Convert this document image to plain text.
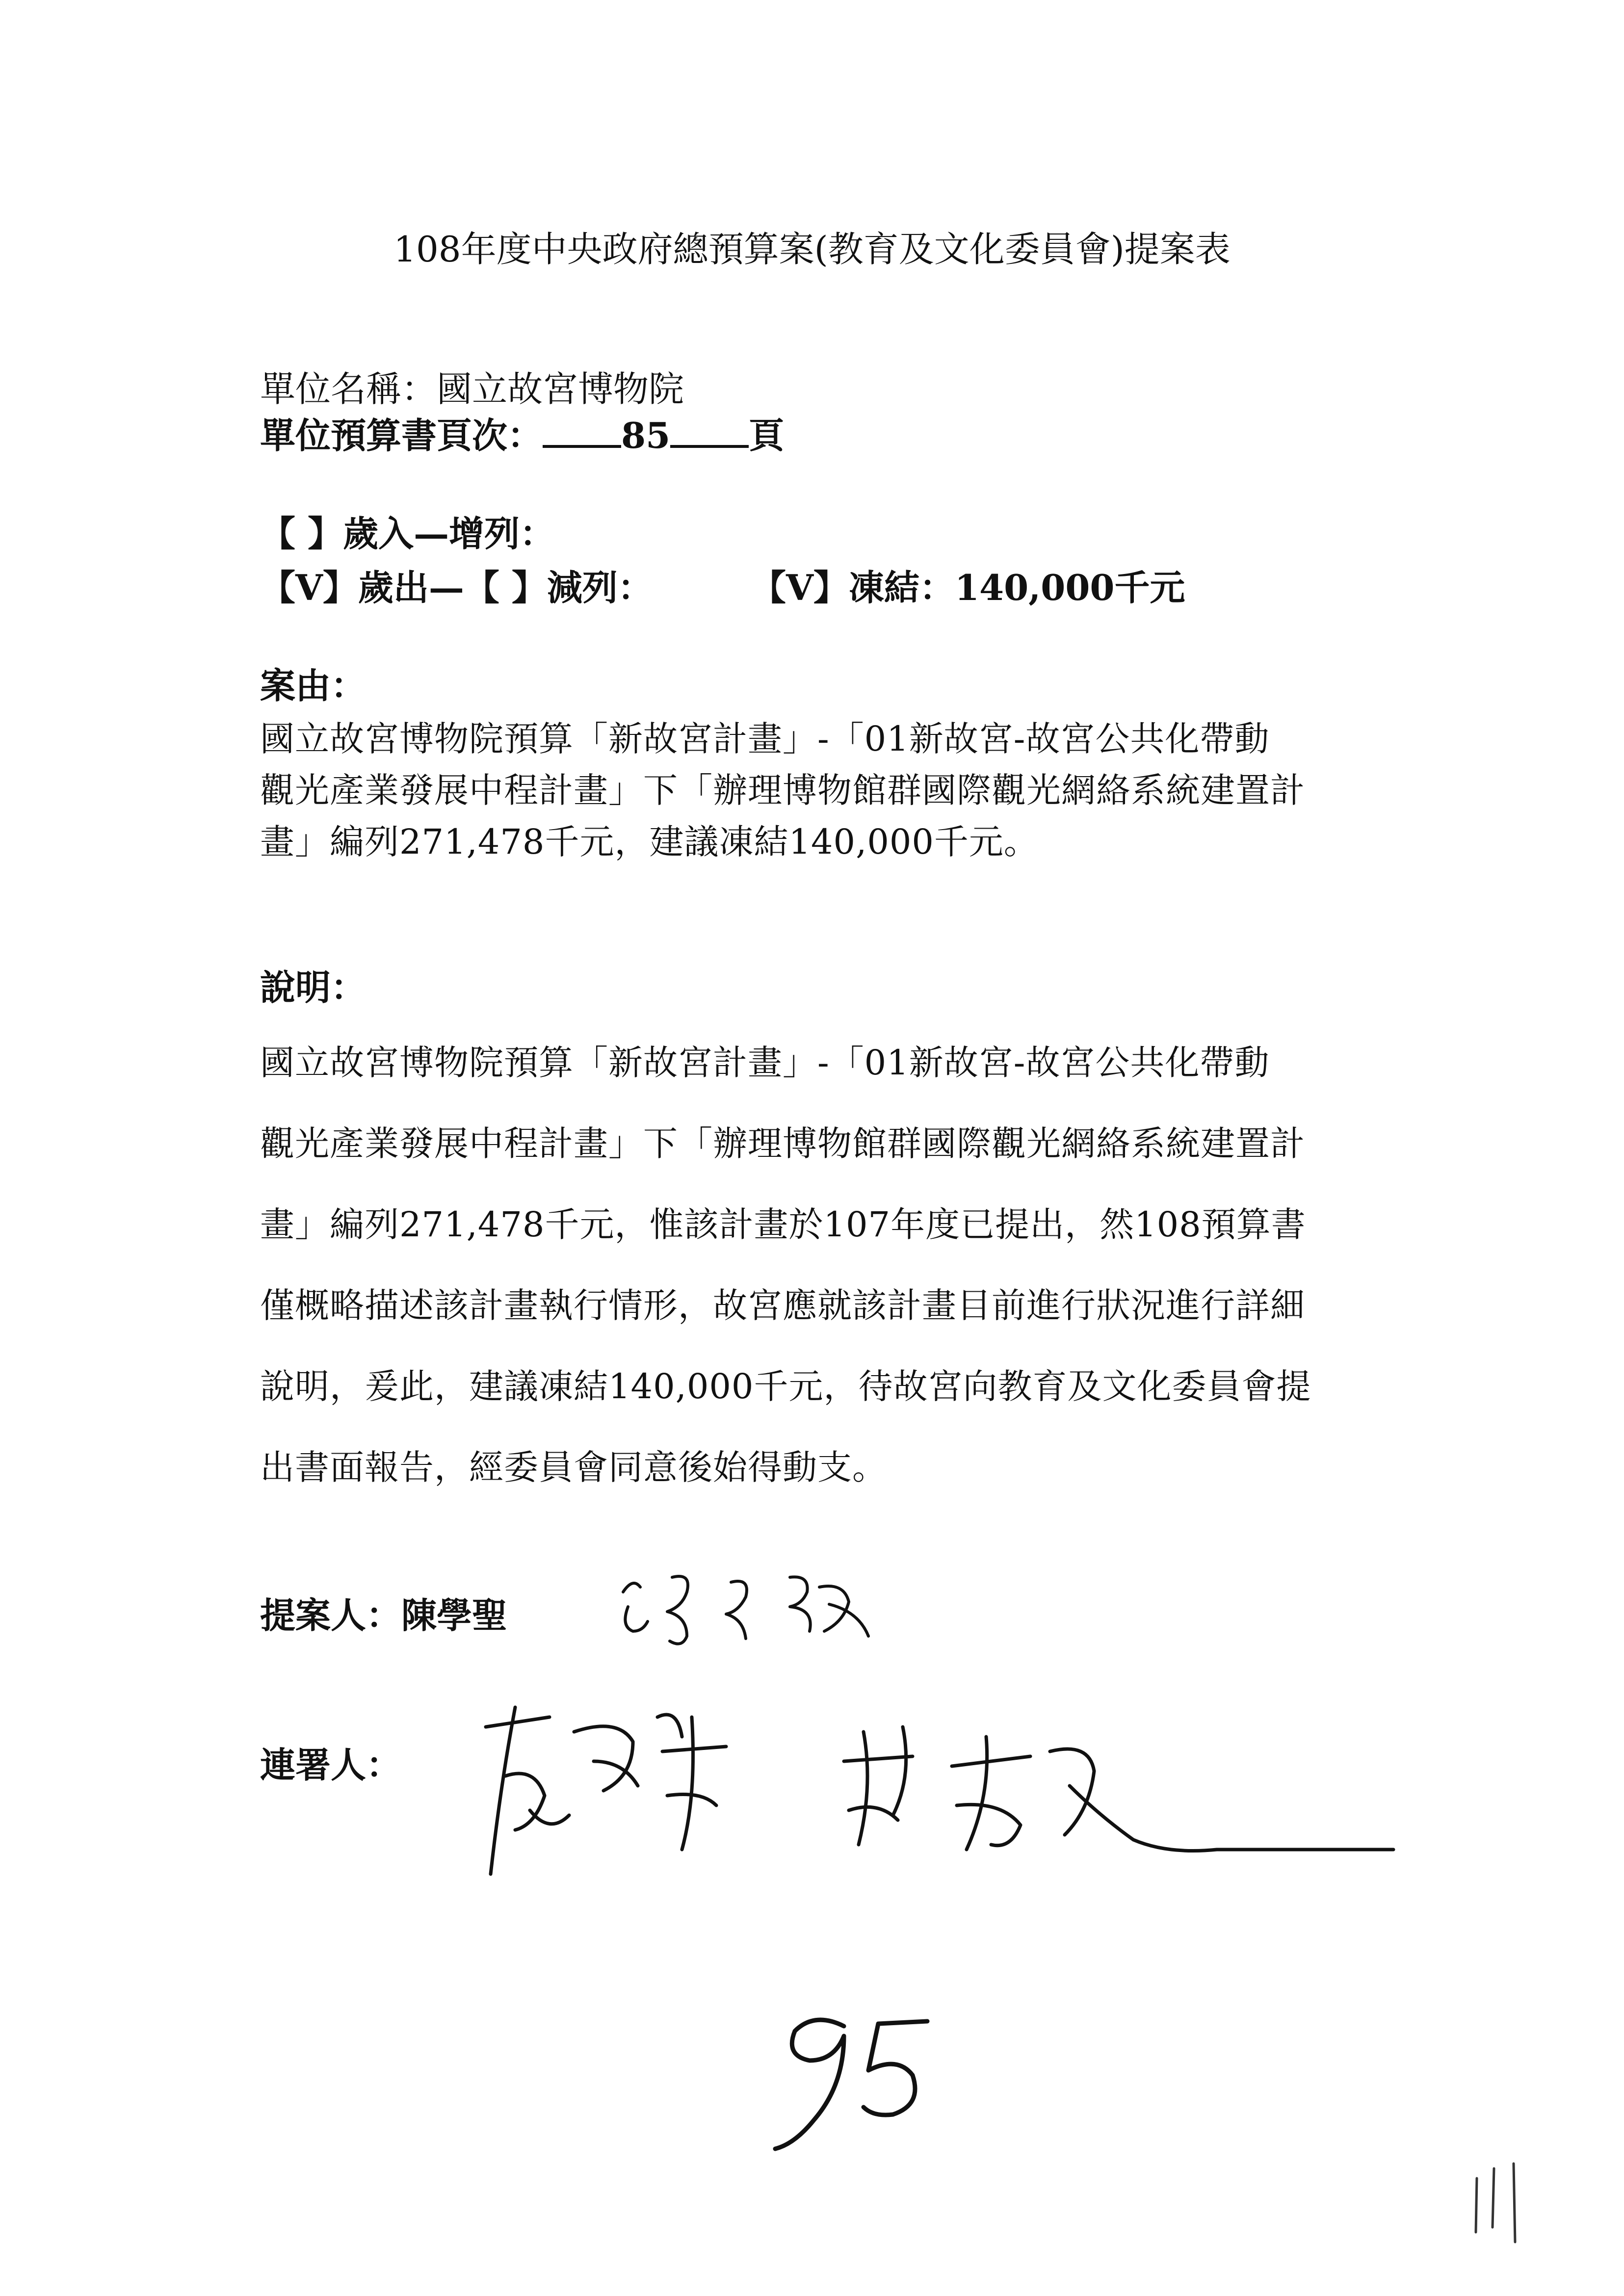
108年度中央政府總預算案(教育及文化委員會)提案表
單位名稱：國立故宮博物院
單位預算書頁次： 85 頁
【 】歲入—增列：
【V】歲出—【 】減列：	【V】凍結：140,000千元
案由：
國立故宮博物院預算「新故宮計畫」-「01新故宮-故宮公共化帶動
觀光產業發展中程計畫」下「辦理博物館群國際觀光網絡系統建置計
畫」編列271,478千元，建議凍結140,000千元。
說明：
國立故宮博物院預算「新故宮計畫」-「01新故宮-故宮公共化帶動
觀光產業發展中程計畫」下「辦理博物館群國際觀光網絡系統建置計
畫」編列271,478千元，惟該計畫於107年度已提出，然108預算書
僅概略描述該計畫執行情形，故宮應就該計畫目前進行狀況進行詳細
說明，爰此，建議凍結140,000千元，待故宮向教育及文化委員會提
出書面報告，經委員會同意後始得動支。
提案人：陳學聖
連署人：
